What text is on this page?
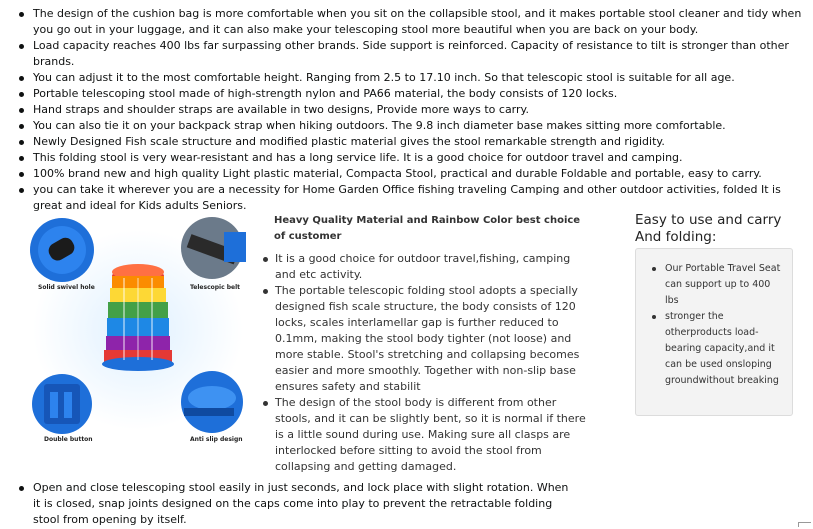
The design of the cushion bag is more comfortable when you sit on the collapsible stool, and it makes portable stool cleaner and tidy when you go out in your luggage, and it can also make your telescoping stool more beautiful when you are back on your body.
Load capacity reaches 400 lbs far surpassing other brands. Side support is reinforced. Capacity of resistance to tilt is stronger than other brands.
You can adjust it to the most comfortable height. Ranging from 2.5 to 17.10 inch. So that telescopic stool is suitable for all age.
Portable telescoping stool made of high-strength nylon and PA66 material, the body consists of 120 locks.
Hand straps and shoulder straps are available in two designs, Provide more ways to carry.
You can also tie it on your backpack strap when hiking outdoors. The 9.8 inch diameter base makes sitting more comfortable.
Newly Designed Fish scale structure and modified plastic material gives the stool remarkable strength and rigidity.
This folding stool is very wear-resistant and has a long service life. It is a good choice for outdoor travel and camping.
100% brand new and high quality Light plastic material, Compacta Stool, practical and durable Foldable and portable, easy to carry.
you can take it wherever you are a necessity for Home Garden Office fishing traveling Camping and other outdoor activities, folded It is great and ideal for Kids adults Seniors.
Solid swivel hole	Telescopic belt
Double button	Anti slip design
Heavy Quality Material and Rainbow Color best choice of customer
It is a good choice for outdoor travel,fishing, camping and etc activity.
The portable telescopic folding stool adopts a specially designed fish scale structure, the body consists of 120 locks, scales interlamellar gap is further reduced to 0.1mm, making the stool body tighter (not loose) and more stable. Stool's stretching and collapsing becomes easier and more smoothly. Together with non-slip base ensures safety and stabilit
The design of the stool body is different from other stools, and it can be slightly bent, so it is normal if there is a little sound during use. Making sure all clasps are interlocked before sitting to avoid the stool from collapsing and getting damaged.
Open and close telescoping stool easily in just seconds, and lock place with slight rotation. When it is closed, snap joints designed on the caps come into play to prevent the retractable folding stool from opening by itself.
Easy to use and carry And folding:
Our Portable Travel Seat can support up to 400 lbs
stronger the otherproducts load-bearing capacity,and it can be used onsloping groundwithout breaking
